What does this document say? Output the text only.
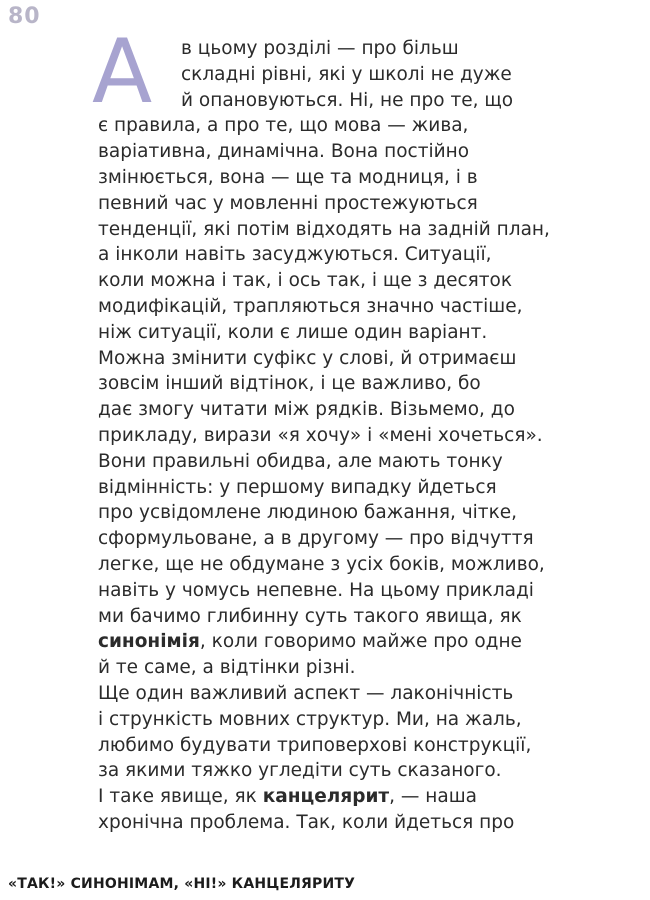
80
А	в цьому розділі — про більш
складні рівні, які у школі не дуже
й опановуються. Ні, не про те, що
є правила, а про те, що мова — жива,
варіативна, динамічна. Вона постійно
змінюється, вона — ще та модниця, і в
певний час у мовленні простежуються
тенденції, які потім відходять на задній план,
а інколи навіть засуджуються. Ситуації,
коли можна і так, і ось так, і ще з десяток
модифікацій, трапляються значно частіше,
ніж ситуації, коли є лише один варіант.
Можна змінити суфікс у слові, й отримаєш
зовсім інший відтінок, і це важливо, бо
дає змогу читати між рядків. Візьмемо, до
прикладу, вирази «я хочу» і «мені хочеться».
Вони правильні обидва, але мають тонку
відмінність: у першому випадку йдеться
про усвідомлене людиною бажання, чітке,
сформульоване, а в другому — про відчуття
легке, ще не обдумане з усіх боків, можливо,
навіть у чомусь непевне. На цьому прикладі
ми бачимо глибинну суть такого явища, як
синонімія, коли говоримо майже про одне
й те саме, а відтінки різні.
Ще один важливий аспект — лаконічність
і стрункість мовних структур. Ми, на жаль,
любимо будувати триповерхові конструкції,
за якими тяжко угледіти суть сказаного.
І таке явище, як канцелярит, — наша
хронічна проблема. Так, коли йдеться про
«ТАК!» СИНОНІМАМ, «НІ!» КАНЦЕЛЯРИТУ
